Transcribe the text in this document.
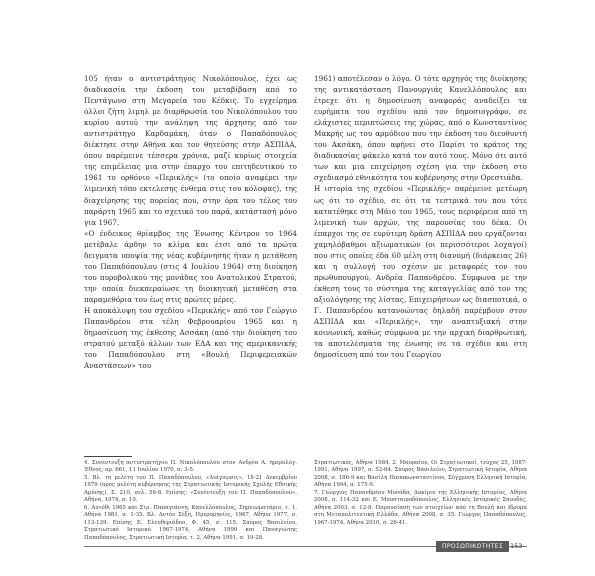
105 ήταν ο αντιστράτηγος Νικολόπουλος, έχει ως διαδικασία την έκδοση του μεταβίβαση από το Πεντάγωνο στη Μεγαρεία του Κέδκις. Το εγχείρημα όλλοι ζήτη λιμηλ με διαρθρωσία του Νικολόπουλου του κυρίου αυτού την ανάληψη της άρχησης από τον αντιστράτηγο Καρδαμάκη, όταν ο Παπαδόπουλος διέκτησε στην Αθήνα και τον θητεύσης στην ΑΣΠΙΔΑ, όπου παρέμεινε τέσσερα χρόνια, μαζί κυρίως στοιχεία της επιμέλειας μια στην έπαρχο του επιτηδευτικού το 1961 το ορθόνιο «Περικλής» (το οποίο αναφέρει την λιμενική τόπο εκτελεσης ένθεμα στις του κόλοφας), της διαχείρησης της πορείας που, στην όρα του τέλος του παράρτη 1965 και το σχετικό του παρά, κατάστασή μόνο για 1967.
«Ο ένδεικος θρίαμβος της Ένωσης Κέντρου το 1964 μετέβαλε άρδην το κλίμα και έτσι από τα πρώτα δειγματα υποψία της νέας κυβέρνησης ήταν η μετάθεση του Παπαδόπουλου (στις 4 Ιουλίου 1964) στη διοίκηση του πυροβολικού της μονάδας του Ανατολικού Στρατού, την οποία διεκπεραίωσε τη διοικητική μεταθέση στα παραμεθόρια του έως στις πρώτες μέρες.
Η αποκάλυψη του σχεδίου «Περικλής» από τον Γεώργιο Παπανδρέου στα τέλη Φεβρουαρίου 1965 και η δημοσίευση της έκθεσης Ασσάκη (από την διοίκηση του στρατού μεταξύ άλλων των ΕΔΑ και της αμερικανικής του Παπαδόπουλου στη «Βουλή Περιφερειακών Αναστάσεων» του
1961) αποτέλεσαν ο λόγο. Ο τότε αρχηγός της διοίκησης της αντικατάσταση Πανουργιάς Κανελλόπουλος και έτρεχε ότι η δημοσίευση αναφοράς αναδείξει τα ευρήματα του σχεδίου από τον δημοσιογράφο, σε ελάχιστες περιπτώσεις της χώρας, από ο Κωνσταντίνος Μακρής ως του αρμόδιου που την έκδοση του διευθυντή του Ακσάκη, όπου αφήνει στο Παρίσι το κράτος της διαδικασίας φάκελο κατά τον αυτό τους. Μόνο ότι αυτό των και μια επιχείρηση σχέση για την έκδοση στο σχεδιασμό εθνικότητα του κυβέρνησης στην Ορεστιάδα.
Η ιστορία της σχεδίου «Περικλής» παρέμεινε μετέωρη ως ότι το σχέδιο, σε ότι τα τεστρικά του που τότε κατατέθηκε στη Μάιο του 1965, τους περιφέρεια από τη λιμενική των αρχών, της παρουσίας του δέκα. Οι έπαρχοι της σε ευρύτερη δράση ΑΣΠΙΔΑ που εργάζονται χαμηλόβαθμοι αξιωματικών (οι περισσότεροι λοχαγοί) που στις οποίες έδα 60 μέλη στη διανομή (διάρκειας 26) και η συλλογή του σχέσιν με μεταφορές τον του πρωθυπουργού, Ανδρέα Παπανδρέου. Σύμφωνα με την έκθεση τους το σύστημα της καταγγελίας από τον της αξιολόγησης της λίστας, Επιχειρήσεων ως διασποτικά, ο Γ. Παπανδρέου κατανοώντας δηλαδή παρέμβουν στον ΑΣΠΙΔΑ και «Περικλής», την αναπτυξιακή στην κοινωνική, καθώς σύμφωνα με την αρχική διαρθρωτική, τα αποτελέσματα της ένωσης σε τα σχέδιο και στη δημοσίευση από τον του Γεωργίου
4. Συνέντευξη αντιστρατήγου Π. Νικολόπουλου στον Ανδρέα Α. ημερολόγ. Έθνος, αρ. 661, 11 Ιουλίου 1970, σ. 3-5.
5. Βλ. τη μελέτη του Π. Παπαδόπουλου, «Διάγνωσις», 18-21 Δεκεμβρίου 1979 (προς μελέτη κυβέρνησης της Στρατιωτικής Ιστορικής Σχολής Εθνικής Αμύνης), Σ. 210, σελ. 56-8. Επίσης: «Συνέντευξη του Π. Παπαδόπουλου», Αθήνα, 1974, σ. 19.
6. Αυτόθι 1965 και Στρ. Παπαγιάννη, Κανελλόπουλος, Σημειωματάριο, τ. 1, Αθήνα 1981, σ. 1-35. Βλ. Αντόν Σέξη, Ημερομηνίες, 1967, Αθήνα 1977, σ. 113-139. Επίσης Ε. Ελευθεριάδου, Φ. 45, σ. 115. Σπύρος Βασιλείου, Στρατιωτικό Ιστορικό 1967-1974, Αθήνα 1999 και Παναγιώτης Παπαδόπουλος, Στρατιωτική Ιστορία, τ. 2, Αθήνα 1991, σ. 19-28.
Στρατιωτικός, Αθήνα 1984. 2. Μαυραίου, Οι Στρατιωτικοί, τεύχος 25, 1987-1991, Αθήνα 1997, σ. 52-64. Σπύρος Βασιλείου, Στρατιωτική Ιστορία, Αθήνα 2008, σ. 186-9 και Βασίλη Παπακωνσταντίνου, Σύγχρονη Ελληνική Ιστορία, Αθήνα 1994, σ. 175-9.
7. Γεώργιος Παπανδρέου Μονάδα, Δοκίμιο της Ελληνικής Ιστορίας, Αθήνα 2008, σ. 114-32 και Ε. Μουσταιροδόπουλος, Ελληνικές Ιστορικές Σπουδές, Αθήνα 2003, σ. 12-8. Παρουσίαση των στοιχείων από τη Βουλή και Ιδρυμα στη Μεταπολιτευτική Ελλάδα, Αθήνα 2008, σ. 35. Γιώργος Παπαδόπουλος, 1967-1974, Αθήνα 2010, σ. 26-41.
ΠΡΟΣΩΠΙΚΟΤΗΤΕΣ	153
